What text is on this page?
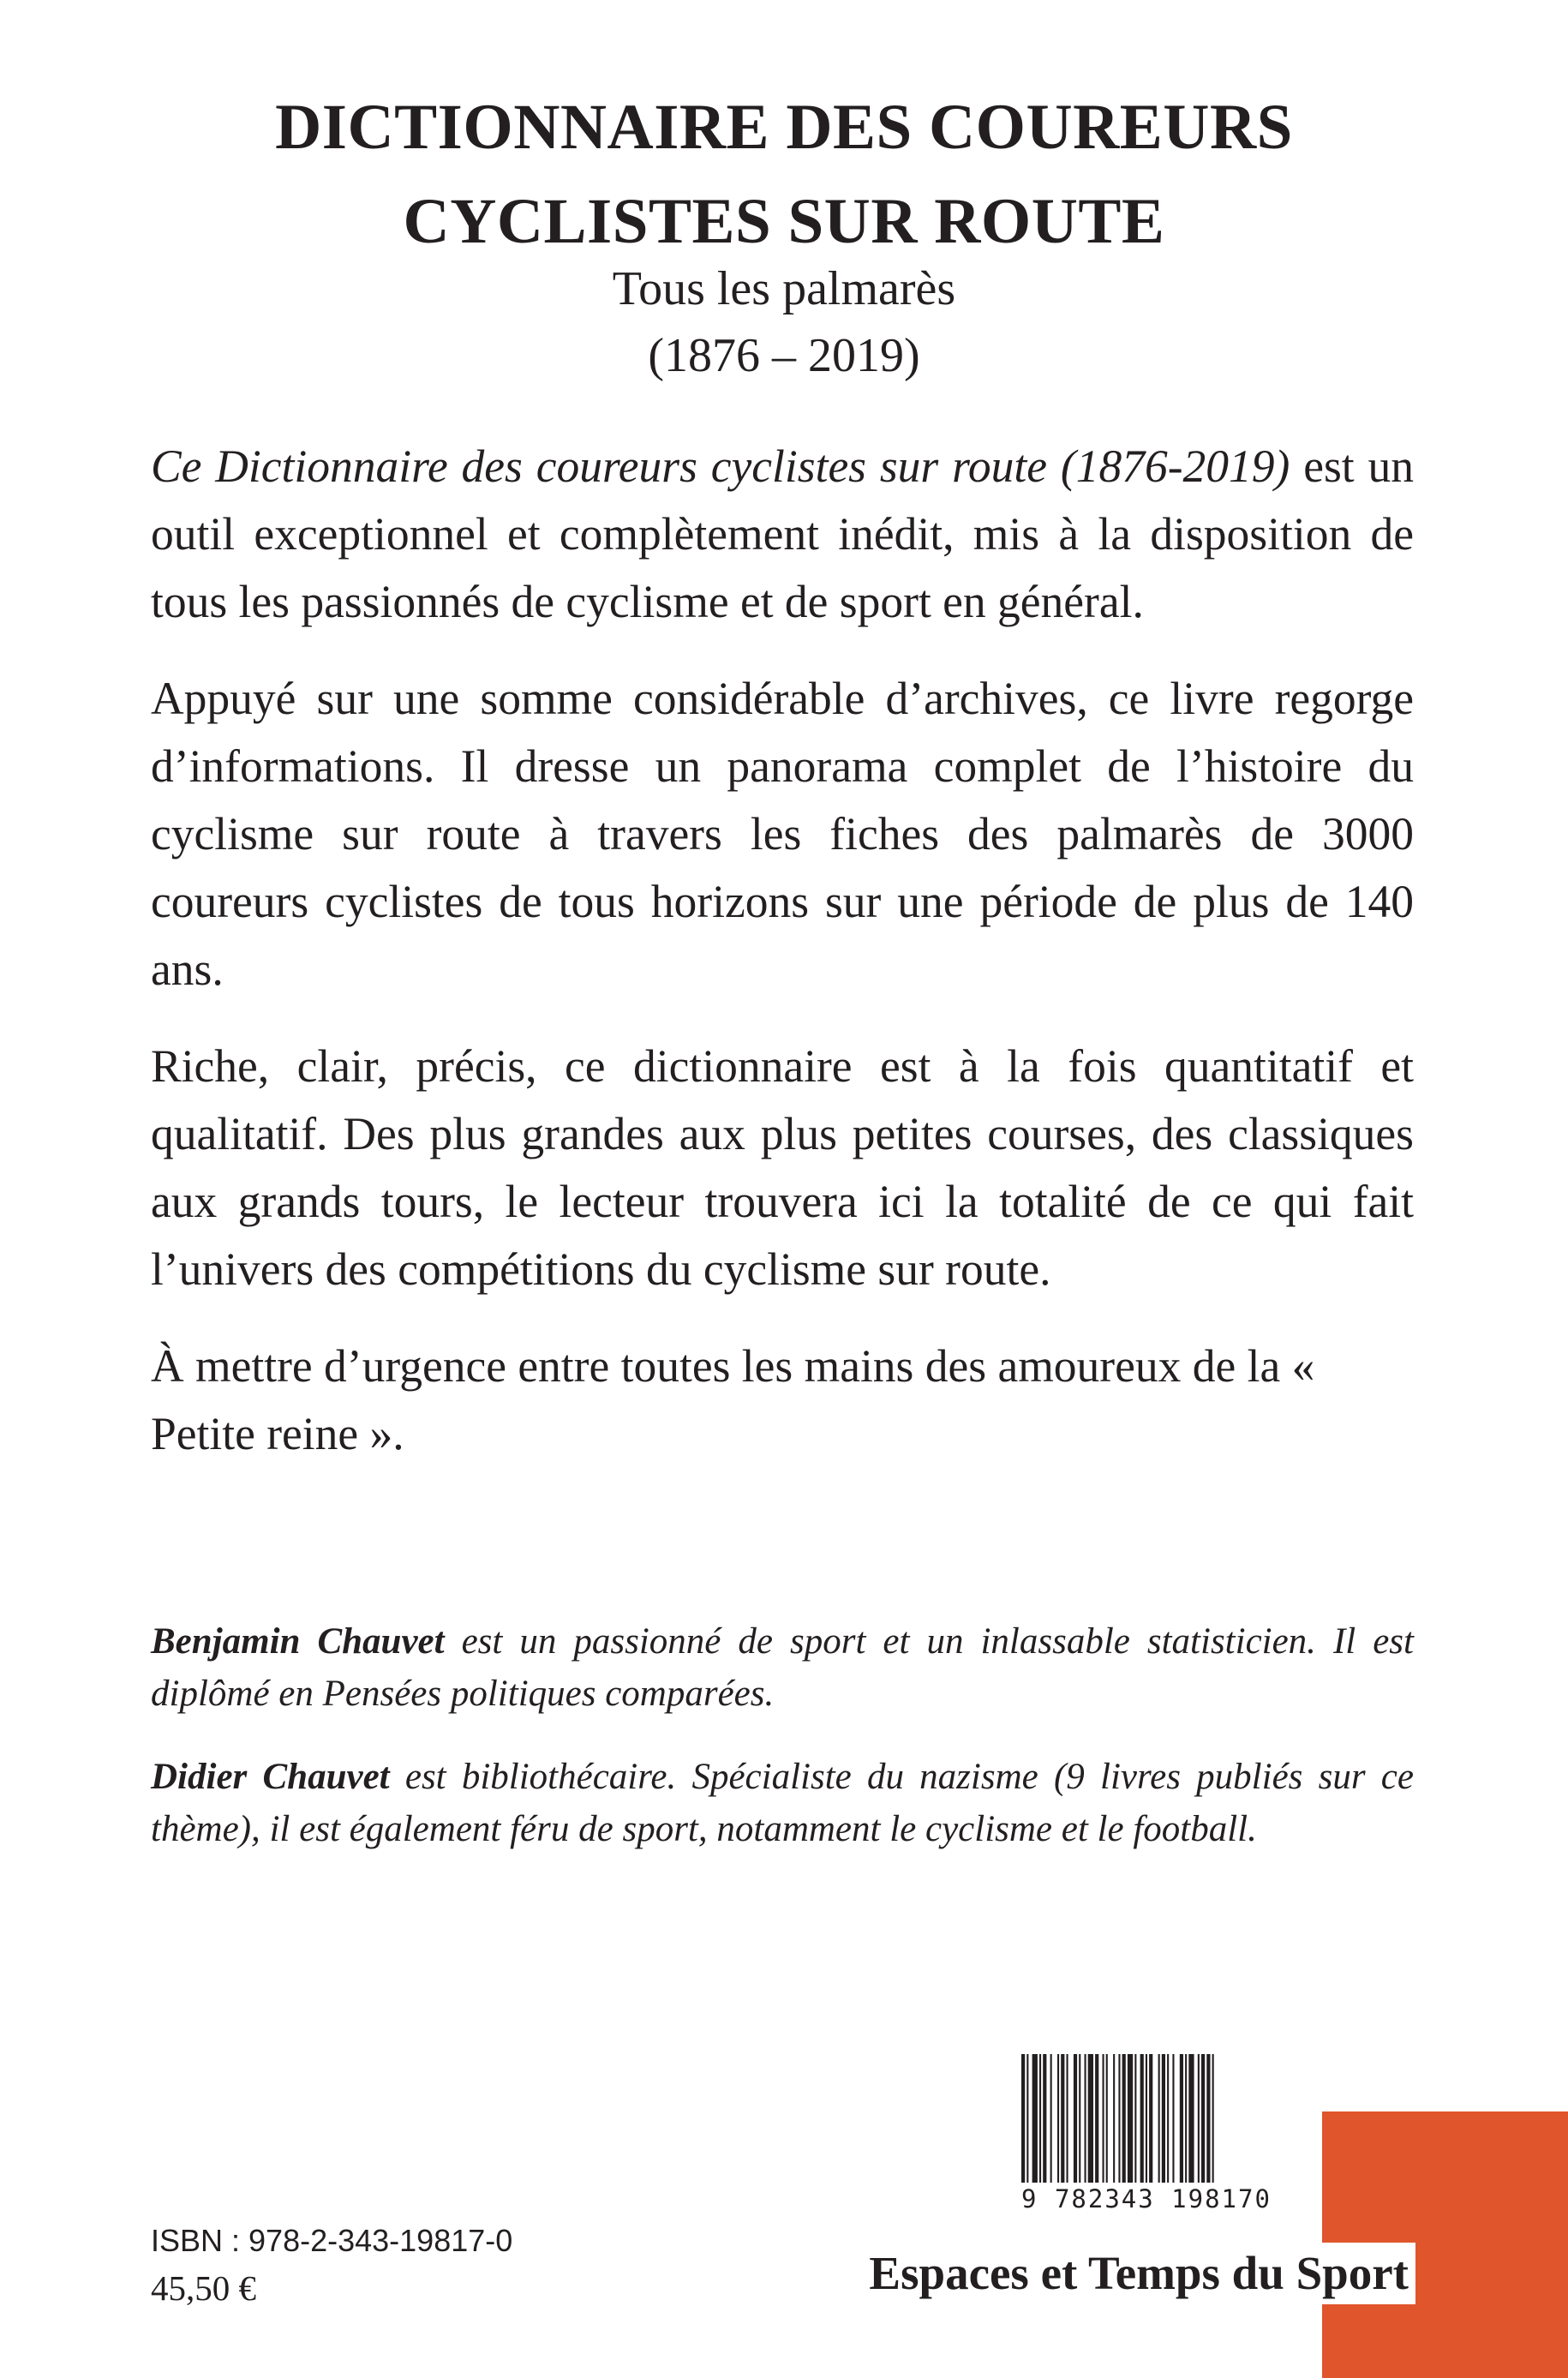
DICTIONNAIRE DES COUREURS
CYCLISTES SUR ROUTE
Tous les palmarès
(1876 – 2019)

Ce Dictionnaire des coureurs cyclistes sur route (1876-2019) est un outil exceptionnel et complètement inédit, mis à la disposition de tous les passionnés de cyclisme et de sport en général.

Appuyé sur une somme considérable d’archives, ce livre regorge d’informations. Il dresse un panorama complet de l’histoire du cyclisme sur route à travers les fiches des palmarès de 3000 coureurs cyclistes de tous horizons sur une période de plus de 140 ans.

Riche, clair, précis, ce dictionnaire est à la fois quantitatif et qualitatif. Des plus grandes aux plus petites courses, des classiques aux grands tours, le lecteur trouvera ici la totalité de ce qui fait l’univers des compétitions du cyclisme sur route.

À mettre d’urgence entre toutes les mains des amoureux de la « Petite reine ».

Benjamin Chauvet est un passionné de sport et un inlassable statisticien. Il est diplômé en Pensées politiques comparées.

Didier Chauvet est bibliothécaire. Spécialiste du nazisme (9 livres publiés sur ce thème), il est également féru de sport, notamment le cyclisme et le football.

9 782343 198170
Espaces et Temps du Sport
ISBN : 978-2-343-19817-0
45,50 €
